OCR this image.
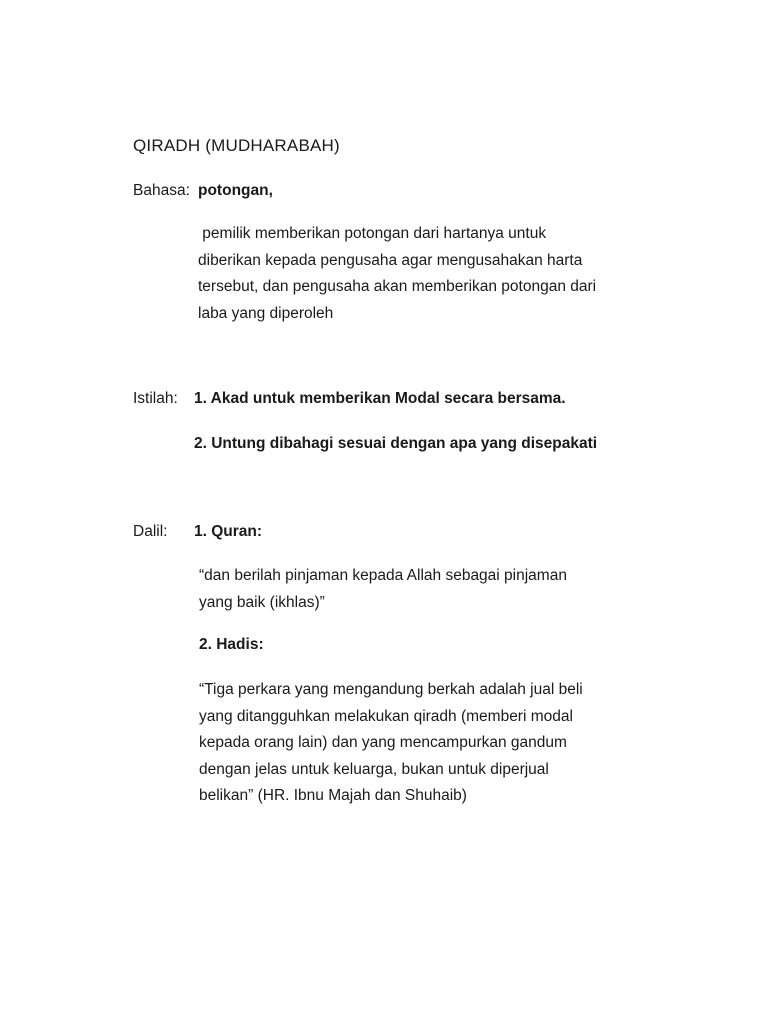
QIRADH (MUDHARABAH)
Bahasa: potongan,
pemilik memberikan potongan dari hartanya untuk
diberikan kepada pengusaha agar mengusahakan harta
tersebut, dan pengusaha akan memberikan potongan dari
laba yang diperoleh
Istilah: 1. Akad untuk memberikan Modal secara bersama.
2. Untung dibahagi sesuai dengan apa yang disepakati
Dalil: 1. Quran:
“dan berilah pinjaman kepada Allah sebagai pinjaman
yang baik (ikhlas)”
2. Hadis:
“Tiga perkara yang mengandung berkah adalah jual beli
yang ditangguhkan melakukan qiradh (memberi modal
kepada orang lain) dan yang mencampurkan gandum
dengan jelas untuk keluarga, bukan untuk diperjual
belikan” (HR. Ibnu Majah dan Shuhaib)
